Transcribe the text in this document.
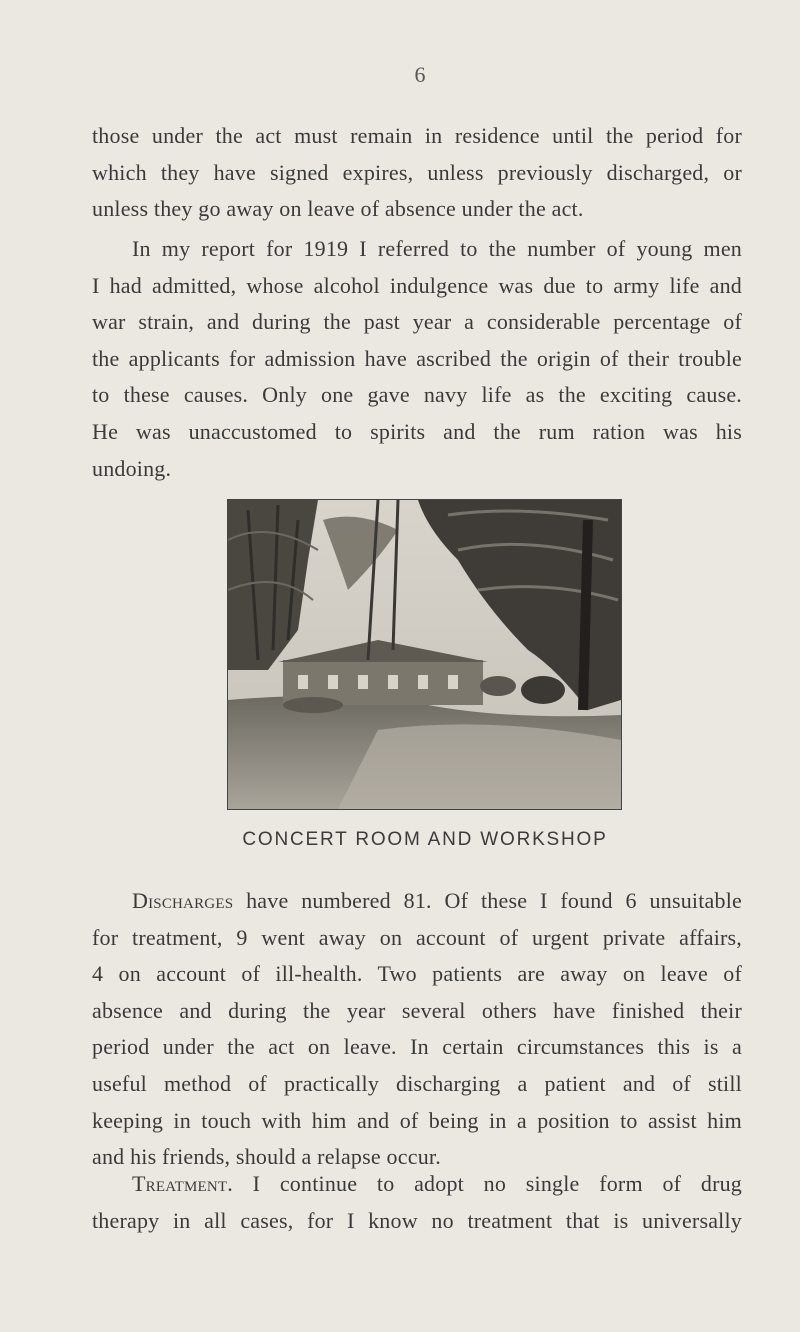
6

those under the act must remain in residence until the period for
which they have signed expires, unless previously discharged, or
unless they go away on leave of absence under the act.

In my report for 1919 I referred to the number of young men
I had admitted, whose alcohol indulgence was due to army life and
war strain, and during the past year a considerable percentage of
the applicants for admission have ascribed the origin of their trouble
to these causes. Only one gave navy life as the exciting cause.
He was unaccustomed to spirits and the rum ration was his
undoing.

CONCERT ROOM AND WORKSHOP

Discharges have numbered 81. Of these I found 6 unsuitable
for treatment, 9 went away on account of urgent private affairs,
4 on account of ill-health. Two patients are away on leave of
absence and during the year several others have finished their
period under the act on leave. In certain circumstances this is a
useful method of practically discharging a patient and of still
keeping in touch with him and of being in a position to assist him
and his friends, should a relapse occur.

Treatment. I continue to adopt no single form of drug
therapy in all cases, for I know no treatment that is universally
